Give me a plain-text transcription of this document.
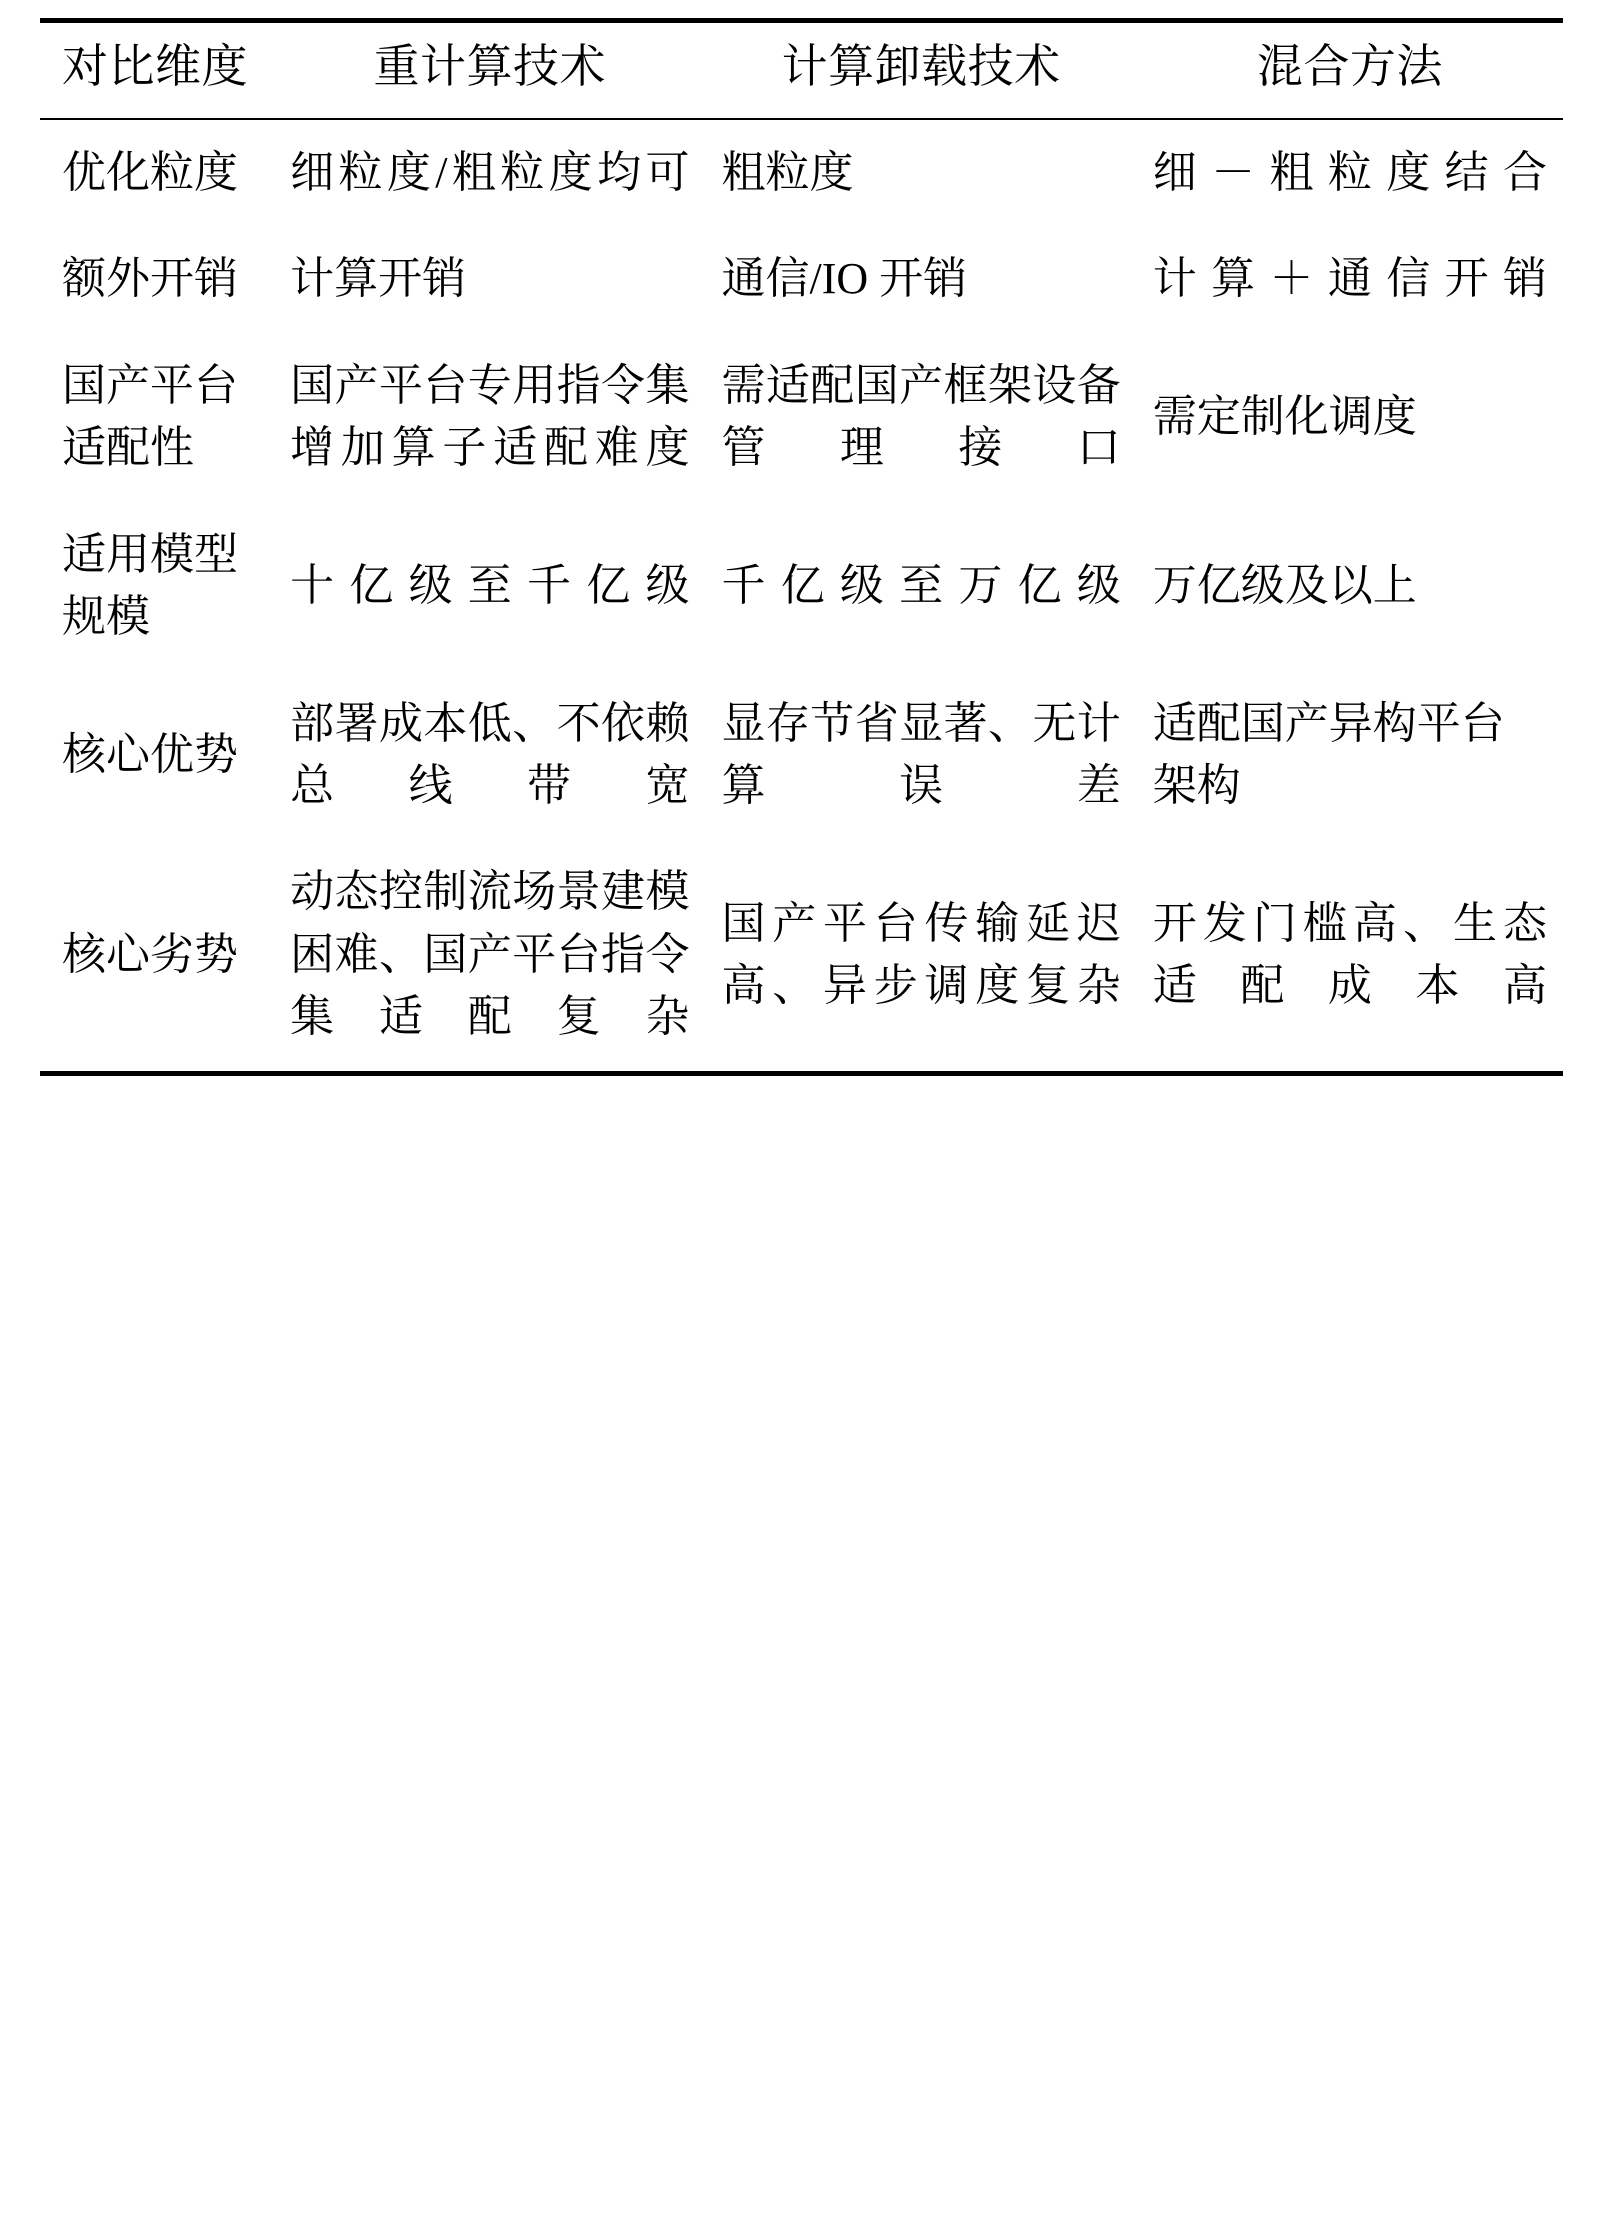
对比维度	重计算技术	计算卸载技术	混合方法
优化粒度	细粒度/粗粒度均可	粗粒度	细－粗粒度结合
额外开销	计算开销	通信/IO 开销	计算＋通信开销
国产平台适配性	国产平台专用指令集增加算子适配难度	需适配国产框架设备管理接口	需定制化调度
适用模型规模	十亿级至千亿级	千亿级至万亿级	万亿级及以上
核心优势	部署成本低、不依赖总线带宽	显存节省显著、无计算误差	适配国产异构平台架构
核心劣势	动态控制流场景建模困难、国产平台指令集适配复杂	国产平台传输延迟高、异步调度复杂	开发门槛高、生态适配成本高
